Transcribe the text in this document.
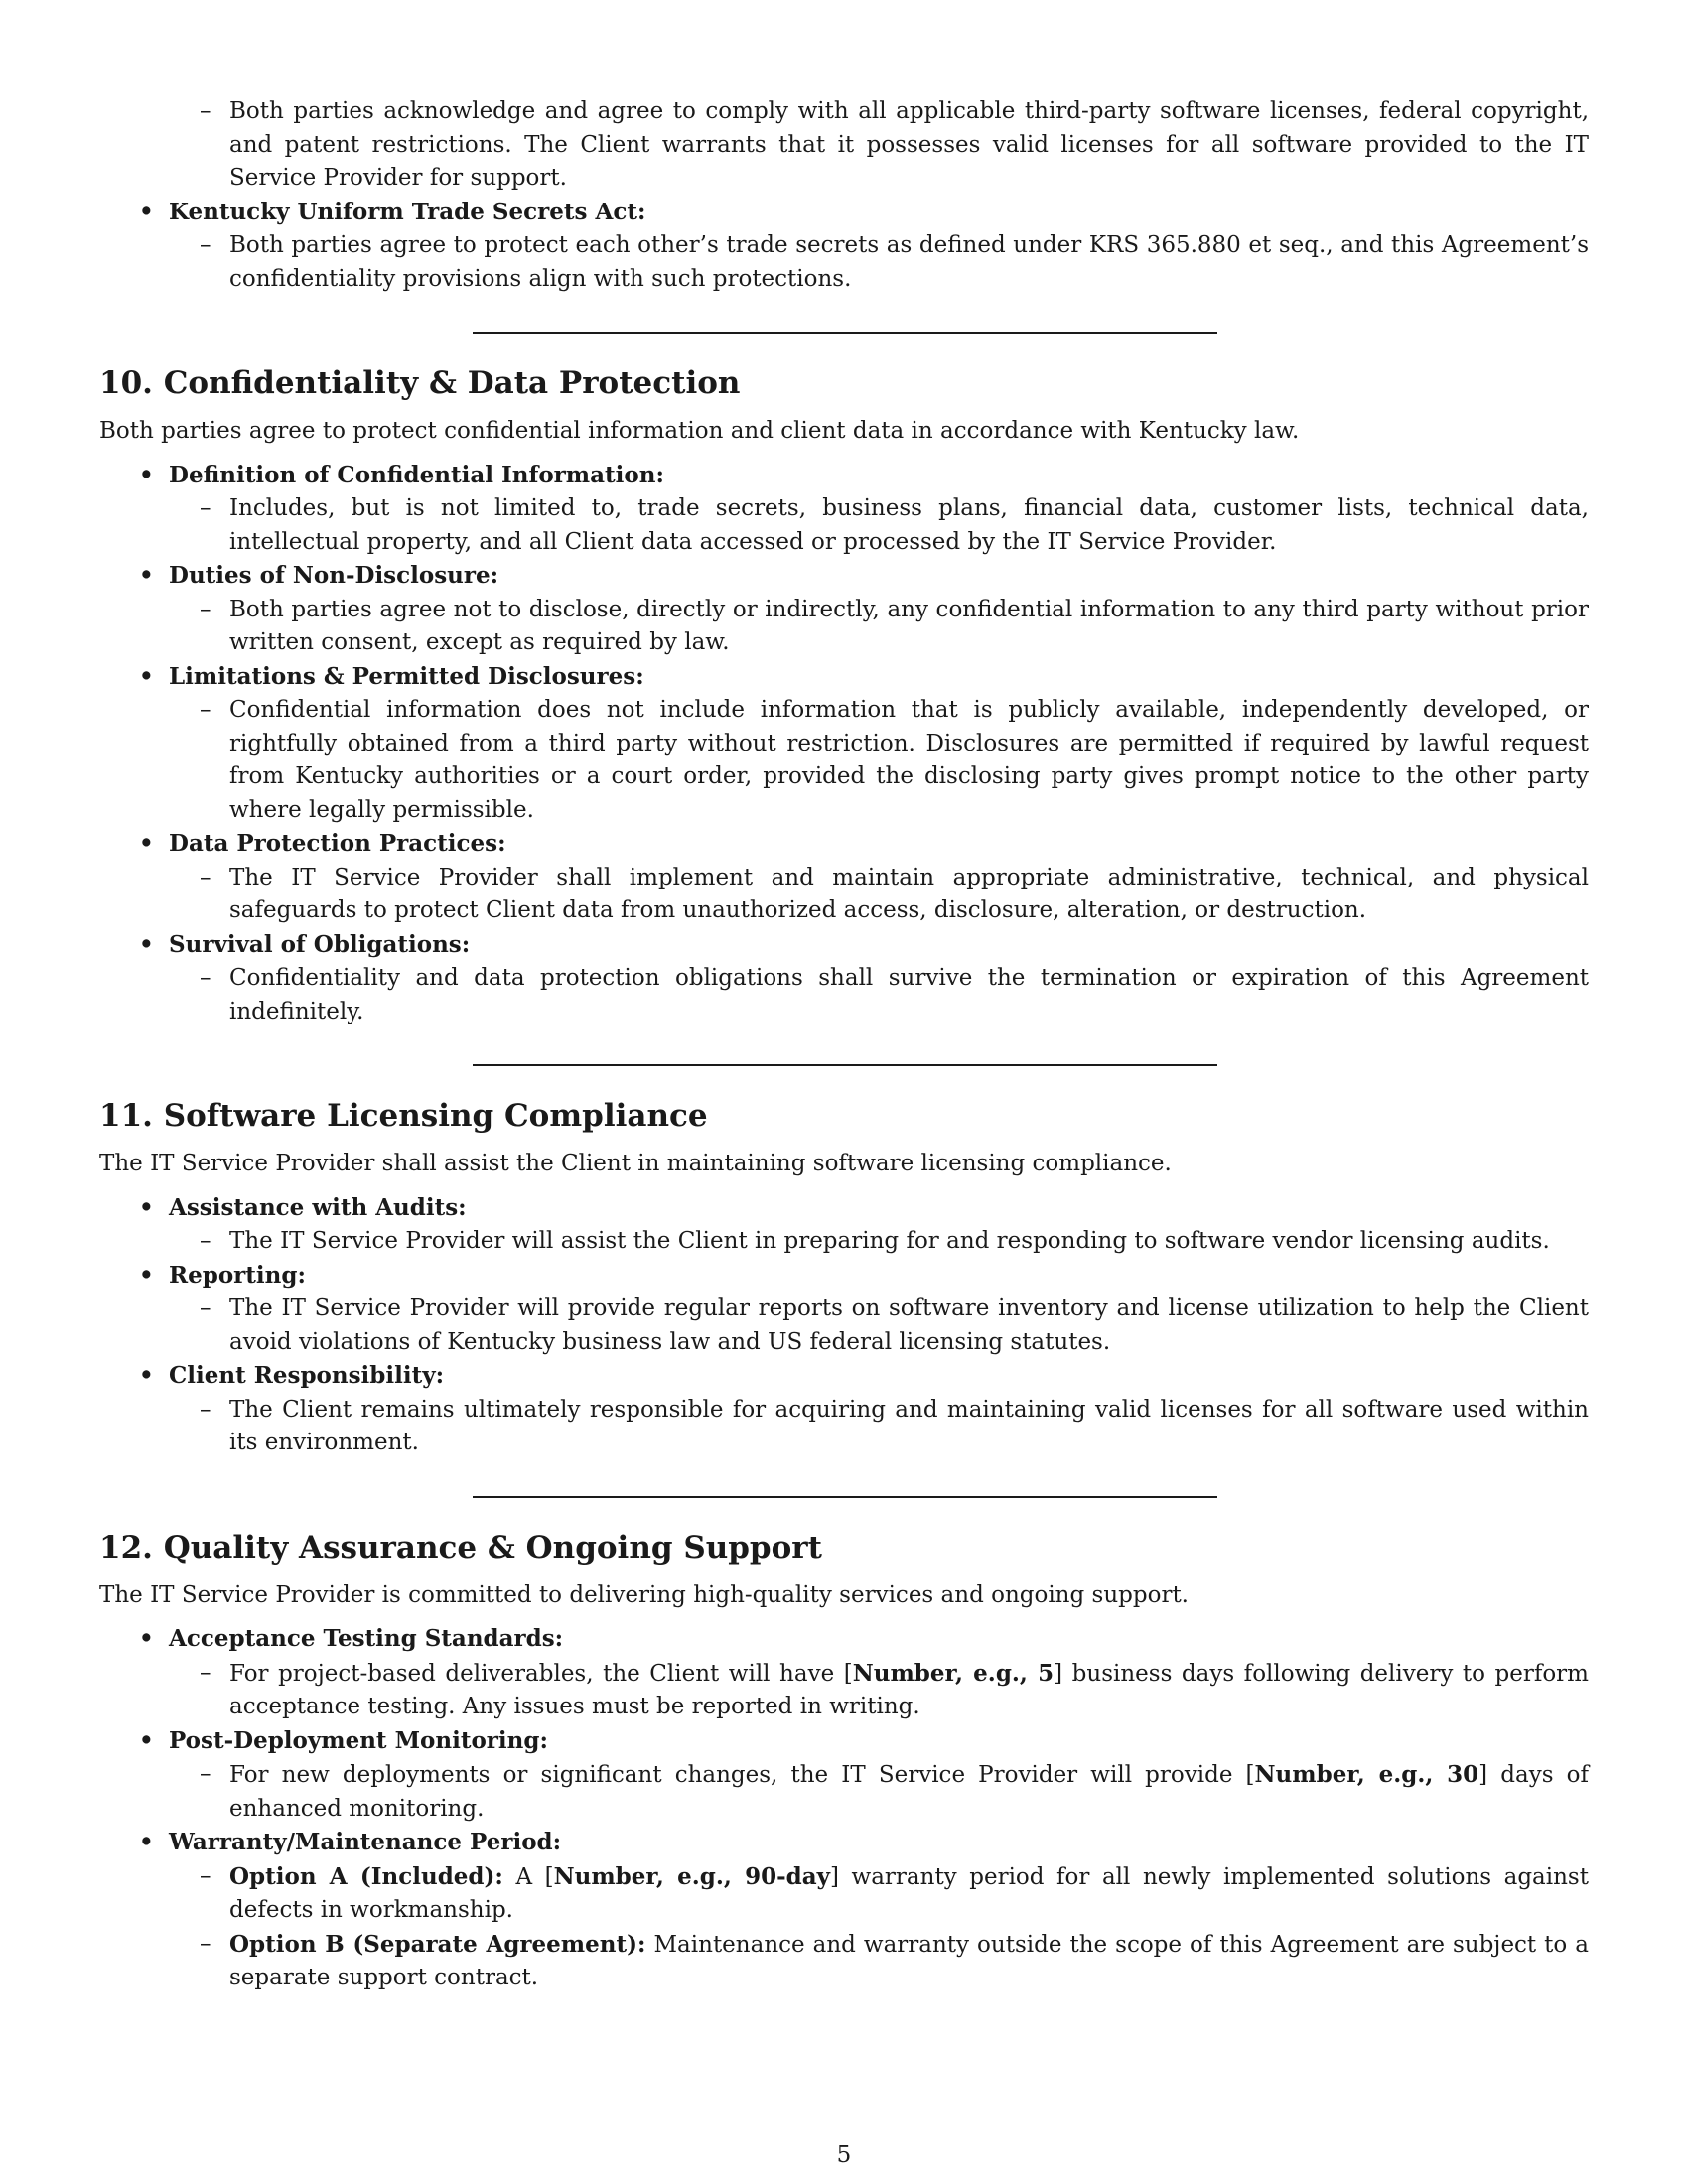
– Both parties acknowledge and agree to comply with all applicable third-party software licenses, federal copyright, and patent restrictions. The Client warrants that it possesses valid licenses for all software provided to the IT Service Provider for support.
• Kentucky Uniform Trade Secrets Act:
– Both parties agree to protect each other’s trade secrets as defined under KRS 365.880 et seq., and this Agreement’s confidentiality provisions align with such protections.
10. Confidentiality & Data Protection

Both parties agree to protect confidential information and client data in accordance with Kentucky law.

• Definition of Confidential Information:
– Includes, but is not limited to, trade secrets, business plans, financial data, customer lists, technical data, intellectual property, and all Client data accessed or processed by the IT Service Provider.
• Duties of Non-Disclosure:
– Both parties agree not to disclose, directly or indirectly, any confidential information to any third party without prior written consent, except as required by law.
• Limitations & Permitted Disclosures:
– Confidential information does not include information that is publicly available, independently developed, or rightfully obtained from a third party without restriction. Disclosures are permitted if required by lawful request from Kentucky authorities or a court order, provided the disclosing party gives prompt notice to the other party where legally permissible.
• Data Protection Practices:
– The IT Service Provider shall implement and maintain appropriate administrative, technical, and physical safeguards to protect Client data from unauthorized access, disclosure, alteration, or destruction.
• Survival of Obligations:
– Confidentiality and data protection obligations shall survive the termination or expiration of this Agreement indefinitely.
11. Software Licensing Compliance

The IT Service Provider shall assist the Client in maintaining software licensing compliance.

• Assistance with Audits:
– The IT Service Provider will assist the Client in preparing for and responding to software vendor licensing audits.
• Reporting:
– The IT Service Provider will provide regular reports on software inventory and license utilization to help the Client avoid violations of Kentucky business law and US federal licensing statutes.
• Client Responsibility:
– The Client remains ultimately responsible for acquiring and maintaining valid licenses for all software used within its environment.
12. Quality Assurance & Ongoing Support

The IT Service Provider is committed to delivering high-quality services and ongoing support.

• Acceptance Testing Standards:
– For project-based deliverables, the Client will have [Number, e.g., 5] business days following delivery to perform acceptance testing. Any issues must be reported in writing.
• Post-Deployment Monitoring:
– For new deployments or significant changes, the IT Service Provider will provide [Number, e.g., 30] days of enhanced monitoring.
• Warranty/Maintenance Period:
– Option A (Included): A [Number, e.g., 90-day] warranty period for all newly implemented solutions against defects in workmanship.
– Option B (Separate Agreement): Maintenance and warranty outside the scope of this Agreement are subject to a separate support contract.
5
